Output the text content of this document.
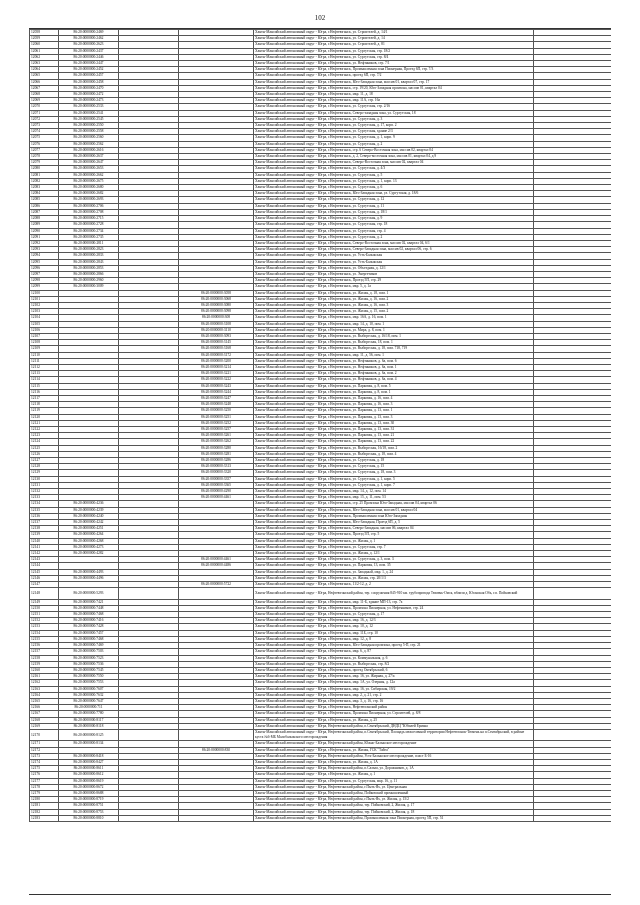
102
12058	86:20:0000000:2469			Ханты-Мансийский автономный округ - Югра, г.Нефтеюганск, ул. Строителей, д. 14/1	
12059	86:20:0000000:2462			Ханты-Мансийский автономный округ - Югра, г.Нефтеюганск, ул. Строителей, д. 14	
12060	86:20:0000000:2623			Ханты-Мансийский автономный округ - Югра, г.Нефтеюганск, ул. Строителей, д. 81	
12061	86:20:0000000:2437			Ханты-Мансийский автономный округ - Югра, г.Нефтеюганск, ул. Сургутская, стр. 18/2	
12062	86:20:0000000:2446			Ханты-Мансийский автономный округ - Югра, г.Нефтеюганск, ул. Сургутская, стр. 8/4	
12063	86:20:0000000:2447			Ханты-Мансийский автономный округ - Югра, г.Нефтеюганск, ул. Нефтяников, стр. 7/1	
12064	86:20:0000000:2452			Ханты-Мансийский автономный округ - Югра, г.Нефтеюганск, Промышленная зона Пионерная, Проезд 6П, стр. 7/3	
12065	86:20:0000000:2457			Ханты-Мансийский автономный округ - Югра, г.Нефтеюганск, проезд 6П, стр. 7/2	
12066	86:20:0000000:2458			Ханты-Мансийский автономный округ - Югра, г.Нефтеюганск, Юго-Западная зона, массив 01, квартал 07, стр. 17	
12067	86:20:0000000:2470			Ханты-Мансийский автономный округ - Югра, г.Нефтеюганск, стр. 19/20, Юго-Западная промзона, массив 01, квартал 04	
12068	86:20:0000000:2472			Ханты-Мансийский автономный округ - Югра, г.Нефтеюганск, мкр. 11, д. 18	
12069	86:20:0000000:2473			Ханты-Мансийский автономный округ - Югра, г.Нефтеюганск, мкр. 11А, стр. 16а	
12070	86:20:0000000:2533			Ханты-Мансийский автономный округ - Югра, г.Нефтеюганск, ул. Сургутская, стр. 2/16	
12071	86:20:0000000:2541			Ханты-Мансийский автономный округ - Югра, г.Нефтеюганск, Северо-западная зона, ул. Сургутская, 18	
12072	86:20:0000000:2545			Ханты-Мансийский автономный округ - Югра, г.Нефтеюганск, ул. Сургутская, д. 3	
12073	86:20:0000000:2550			Ханты-Мансийский автономный округ - Югра, г.Нефтеюганск, ул. Сургутская, д. 17, корп. 2	
12074	86:20:0000000:2558			Ханты-Мансийский автономный округ - Югра, г.Нефтеюганск, ул. Сургутская, здание 2/3	
12075	86:20:0000000:2560			Ханты-Мансийский автономный округ - Югра, г.Нефтеюганск, ул. Сургутская, д. 1, корп. 9	
12076	86:20:0000000:2562			Ханты-Мансийский автономный округ - Югра, г.Нефтеюганск, ул. Сургутская, д. 2	
12077	86:20:0000000:2616			Ханты-Мансийский автономный округ - Югра, г.Нефтеюганск, стр. 6 Северо-Восточная зона, массив 02, квартал 04	
12078	86:20:0000000:2637			Ханты-Мансийский автономный округ - Югра, г.Нефтеюганск, д. 2, Северо-восточная зона, массив 01, квартал 04, д.9	
12079	86:20:0000000:2647			Ханты-Мансийский автономный округ - Югра, г.Нефтеюганск, Северо-Восточная зона, массив 02, квартал 04	
12080	86:20:0000000:2653			Ханты-Мансийский автономный округ - Югра, г.Нефтеюганск, ул. Сургутская, д. 4/3	
12081	86:20:0000000:2662			Ханты-Мансийский автономный округ - Югра, г.Нефтеюганск, ул. Сургутская, д. 5	
12082	86:20:0000000:2675			Ханты-Мансийский автономный округ - Югра, г.Нефтеюганск, ул. Сургутская, д. 1, корп. 13	
12083	86:20:0000000:2680			Ханты-Мансийский автономный округ - Югра, г.Нефтеюганск, ул. Сургутская, д. 6	
12084	86:20:0000000:2682			Ханты-Мансийский автономный округ - Югра, г.Нефтеюганск, Юго-Западная зона, ул. Сургутская, д. 18/6	
12085	86:20:0000000:2693			Ханты-Мансийский автономный округ - Югра, г.Нефтеюганск, ул. Сургутская, д. 12	
12086	86:20:0000000:2706			Ханты-Мансийский автономный округ - Югра, г.Нефтеюганск, ул. Сургутская, д. 11	
12087	86:20:0000000:2708			Ханты-Мансийский автономный округ - Югра, г.Нефтеюганск, ул. Сургутская, д. 18/1	
12088	86:20:0000000:2715			Ханты-Мансийский автономный округ - Югра, г.Нефтеюганск, ул. Сургутская, д. 9	
12089	86:20:0000000:2728			Ханты-Мансийский автономный округ - Югра, г.Нефтеюганск, ул. Сургутская, стр. 18	
12090	86:20:0000000:2734			Ханты-Мансийский автономный округ - Югра, г.Нефтеюганск, ул. Сургутская, стр. 4	
12091	86:20:0000000:2735			Ханты-Мансийский автономный округ - Югра, г.Нефтеюганск, ул. Сургутская, д. 2	
12092	86:20:0000000:2811			Ханты-Мансийский автономный округ - Югра, г.Нефтеюганск, Северо-Восточная зона, массив 02, квартал 04, 6/1	
12093	86:20:0000000:2823			Ханты-Мансийский автономный округ - Югра, г.Нефтеюганск, Северо-Западная зона, массив 02, квартал 06, стр. 6	
12094	86:20:0000000:2833			Ханты-Мансийский автономный округ - Югра, г.Нефтеюганск, ул. Усть-Балыкская	
12095	86:20:0000000:2843			Ханты-Мансийский автономный округ - Югра, г.Нефтеюганск, ул. Усть-Балыкская	
12096	86:20:0000000:2853			Ханты-Мансийский автономный округ - Югра, г.Нефтеюганск, ул. Объездная, д. 12/1	
12097	86:20:0000000:2866			Ханты-Мансийский автономный округ - Югра, г.Нефтеюганск, ул. Энергетиков	
12098	86:20:0000000:2960			Ханты-Мансийский автономный округ - Югра, г.Нефтеюганск, Проезд 5П, стр. 29	
12099	86:20:0000000:3009			Ханты-Мансийский автономный округ - Югра, г.Нефтеюганск, мкр. 5, д. 1а	
12100			86:20:0000000:3058	Ханты-Мансийский автономный округ - Югра, г.Нефтеюганск, ул. Жилая, д. 18, пом. 1	
12101			86:20:0000000:3068	Ханты-Мансийский автономный округ - Югра, г.Нефтеюганск, ул. Жилая, д. 16, пом. 2	
12102			86:20:0000000:3080	Ханты-Мансийский автономный округ - Югра, г.Нефтеюганск, ул. Жилая, д. 16, пом. 3	
12103			86:20:0000000:3098	Ханты-Мансийский автономный округ - Югра, г.Нефтеюганск, ул. Жилая, д. 15, пом. 2	
12104			86:20:0000000:308	Ханты-Мансийский автономный округ - Югра, г.Нефтеюганск, мкр. 16А, д. 16, пом. 1	
12105			86:20:0000000:3108	Ханты-Мансийский автономный округ - Югра, г.Нефтеюганск, мкр. 14, д. 10, пом. 1	
12106			86:20:0000000:3110	Ханты-Мансийский автономный округ - Югра, г.Нефтеюганск, ул. Мира, д. 8, пом. 1	
12107			86:20:0000000:3093	Ханты-Мансийский автономный округ - Югра, г.Нефтеюганск, ул. Выборгская, д. 16/18, пом. 1	
12108			86:20:0000000:3145	Ханты-Мансийский автономный округ - Югра, г.Нефтеюганск, ул. Выборгская, 18, пом. 1	
12109			86:20:0000000:3168	Ханты-Мансийский автономный округ - Югра, г.Нефтеюганск, ул. Выборгская, д. 18, пом. 718, 719	
12110			86:20:0000000:3172	Ханты-Мансийский автономный округ - Югра, г.Нефтеюганск, мкр. 11, д. 56, пом. 1	
12111			86:20:0000000:3200	Ханты-Мансийский автономный округ - Югра, г.Нефтеюганск, ул. Нефтяников, д. 6а, пом. 6	
12112			86:20:0000000:3214	Ханты-Мансийский автономный округ - Югра, г.Нефтеюганск, ул. Нефтяников, д. 6а, пом. 1	
12113			86:20:0000000:3221	Ханты-Мансийский автономный округ - Югра, г.Нефтеюганск, ул. Нефтяников, д. 6а, пом. 2	
12114			86:20:0000000:3222	Ханты-Мансийский автономный округ - Югра, г.Нефтеюганск, ул. Нефтяников, д. 6а, пом. 4	
12115			86:20:0000000:3243	Ханты-Мансийский автономный округ - Югра, г.Нефтеюганск, ул. Парковая, д. 8, пом. 5	
12116			86:20:0000000:3244	Ханты-Мансийский автономный округ - Югра, г.Нефтеюганск, ул. Парковая, д. 8, пом. 1	
12117			86:20:0000000:3247	Ханты-Мансийский автономный округ - Югра, г.Нефтеюганск, ул. Парковая, д. 16, пом. 4	
12118			86:20:0000000:3248	Ханты-Мансийский автономный округ - Югра, г.Нефтеюганск, ул. Парковая, д. 16, пом. 3	
12119			86:20:0000000:3250	Ханты-Мансийский автономный округ - Югра, г.Нефтеюганск, ул. Парковая, д. 13, пом. 1	
12120			86:20:0000000:3251	Ханты-Мансийский автономный округ - Югра, г.Нефтеюганск, ул. Парковая, д. 13, пом. 3	
12121			86:20:0000000:3252	Ханты-Мансийский автономный округ - Югра, г.Нефтеюганск, ул. Парковая, д. 13, пом. 30	
12122			86:20:0000000:3257	Ханты-Мансийский автономный округ - Югра, г.Нефтеюганск, ул. Парковая, д. 13, пом. 31	
12123			86:20:0000000:3261	Ханты-Мансийский автономный округ - Югра, г.Нефтеюганск, ул. Парковая, д. 13, пом. 21	
12124			86:20:0000000:3262	Ханты-Мансийский автономный округ - Югра, г.Нефтеюганск, ул. Парковая, д. 13, пом. 22	
12125			86:20:0000000:3280	Ханты-Мансийский автономный округ - Югра, г.Нефтеюганск, ул. Выборгская, 16/18, пом. 2	
12126			86:20:0000000:3281	Ханты-Мансийский автономный округ - Югра, г.Нефтеюганск, ул. Выборгская, д. 18, пом. 4	
12127			86:20:0000000:3286	Ханты-Мансийский автономный округ - Югра, г.Нефтеюганск, ул. Сургутская, д. 18	
12128			86:20:0000000:3313	Ханты-Мансийский автономный округ - Югра, г.Нефтеюганск, ул. Сургутская, д. 15	
12129			86:20:0000000:3320	Ханты-Мансийский автономный округ - Югра, г.Нефтеюганск, ул. Сургутская, д. 18, пом. 3	
12130			86:20:0000000:3357	Ханты-Мансийский автономный округ - Югра, г.Нефтеюганск, ул. Сургутская, д. 1, корп. 5	
12131			86:20:0000000:3365	Ханты-Мансийский автономный округ - Югра, г.Нефтеюганск, ул. Сургутская, д. 1, корп. 7	
12132			86:20:0000000:4290	Ханты-Мансийский автономный округ - Югра, г.Нефтеюганск, мкр. 14, д. 12, пом. 14	
12133			86:20:0000000:4461	Ханты-Мансийский автономный округ - Югра, г.Нефтеюганск, мкр. 15, д. 11, пом. 53	
12134	86:20:0000000:4236			Ханты-Мансийский автономный округ - Югра, г.Нефтеюганск, стр. 25 Промзона Юго-Западная, массив 04, квартал 06	
12135	86:20:0000000:4239			Ханты-Мансийский автономный округ - Югра, г.Нефтеюганск, Юго-Западная зона, массив 01, квартал 04	
12136	86:20:0000000:4240			Ханты-Мансийский автономный округ - Югра, г.Нефтеюганск, Промышленная зона Юго-Западная	
12137	86:20:0000000:4242			Ханты-Мансийский автономный округ - Югра, г.Нефтеюганск, Юго-Западная, Проезд 6П, д. 5	
12138	86:20:0000000:4251			Ханты-Мансийский автономный округ - Югра, г.Нефтеюганск, Северо-Западная, массив 06, квартал 04	
12139	86:20:0000000:4264			Ханты-Мансийский автономный округ - Югра, г.Нефтеюганск, Проезд 5П, стр. 5	
12140	86:20:0000000:4268			Ханты-Мансийский автономный округ - Югра, г.Нефтеюганск, ул. Жилая, д. 1	
12141	86:20:0000000:4273			Ханты-Мансийский автономный округ - Югра, г.Нефтеюганск, ул. Сургутская, стр. 7	
12142	86:20:0000000:4282			Ханты-Мансийский автономный округ - Югра, г.Нефтеюганск, ул. Жилая, д. 12/1	
12143			86:20:0000000:4461	Ханты-Мансийский автономный округ - Югра, г.Нефтеюганск, ул. Сургутская, д. 3, пом. 3	
12144			86:20:0000000:4486	Ханты-Мансийский автономный округ - Югра, г.Нефтеюганск, ул. Парковая, 13, пом. 35	
12145	86:20:0000000:4493			Ханты-Мансийский автономный округ - Югра, г.Нефтеюганск, ул. Западный, мкр. 1, д. 24	
12146	86:20:0000000:4496			Ханты-Мансийский автономный округ - Югра, г.Нефтеюганск, ул. Жилая, стр. 20/1/3	
12147			86:20:0000000:5722	Ханты-Мансийский автономный округ - Югра, г.Нефтеюганск, 11/2-12, д. 2	
12148	86:20:0000000:5293			Ханты-Мансийский автономный округ - Югра, Нефтеюганский район, тер. сооружения 845-910 км. трубопровода Тюмень-Омск, вблизи д. Юганская Обь, г.п. Пойковский	
12149	86:20:0000000:7421			Ханты-Мансийский автономный округ - Югра, г.Нефтеюганск, мкр. 11-Б, здание МП-13, стр. 7а	
12150	86:20:0000000:7448			Ханты-Мансийский автономный округ - Югра, г.Нефтеюганск, Промзона Пионерная, ул. Нефтяников, стр. 24	
12151	86:20:0000000:7468			Ханты-Мансийский автономный округ - Югра, г.Нефтеюганск, ул. Сургутская, д. 17	
12152	86:20:0000000:7416			Ханты-Мансийский автономный округ - Югра, г.Нефтеюганск, мкр. 16, д. 12/3	
12153	86:20:0000000:7428			Ханты-Мансийский автономный округ - Югра, г.Нефтеюганск, мкр. 10, д. 12	
12154	86:20:0000000:7457			Ханты-Мансийский автономный округ - Югра, г.Нефтеюганск, мкр. 11Б, стр. 10	
12155	86:20:0000000:7468			Ханты-Мансийский автономный округ - Югра, г.Нефтеюганск, мкр. 12, д. 8	
12156	86:20:0000000:7469			Ханты-Мансийский автономный округ - Югра, г.Нефтеюганск, Юго-Западная промзона, проезд 5-П, стр. 21	
12157	86:20:0000000:7503			Ханты-Мансийский автономный округ - Югра, г.Нефтеюганск, мкр. 6, д. 87	
12158	86:20:0000000:7523			Ханты-Мансийский автономный округ - Югра, г.Нефтеюганск, ул. Коммунальная, д. 6	
12159	86:20:0000000:7536			Ханты-Мансийский автономный округ - Югра, г.Нефтеюганск, ул. Выборгская, стр. 8/2	
12160	86:20:0000000:7545			Ханты-Мансийский автономный округ - Югра, г.Нефтеюганск, проезд Октябрьский, 6	
12161	86:20:0000000:7550			Ханты-Мансийский автономный округ - Югра, г.Нефтеюганск, мкр. 16, ул. Жирная, д. 27/а	
12162	86:20:0000000:7553			Ханты-Мансийский автономный округ - Югра, г.Нефтеюганск, мкр. 1А, ул. Озерная, д. 12а	
12163	86:20:0000000:7607			Ханты-Мансийский автономный округ - Югра, г.Нефтеюганск, мкр. 16, ул. Сибирская, 19/2	
12164	86:20:0000000:7632			Ханты-Мансийский автономный округ - Югра, г.Нефтеюганск, мкр. 2, д. 21, стр. 2	
12165	86:20:0000000:7647			Ханты-Мансийский автономный округ - Югра, г.Нефтеюганск, мкр. 3, д. 16, стр. 16	
12166	86:20:0000000:711			Ханты-Мансийский автономный округ - Югра, г.Нефтеюганск, Нефтеюганский район	
12167	86:20:0000000:7780			Ханты-Мансийский автономный округ - Югра, г.Нефтеюганск, Промзона Пионерная, ул. Строителей, д. 8/8	
12168	86:20:0000000:8117			Ханты-Мансийский автономный округ - Югра, г.Нефтеюганск, ул. Жилая, д. 25	
12169	86:20:0000000:8118			Ханты-Мансийский автономный округ - Югра, Нефтеюганский район, п.Сентябрьский, ДНДЦ "Юбилей Ермака	
12170	86:20:0000000:8125			Ханты-Мансийский автономный округ - Югра, Нефтеюганский район, п.Сентябрьский, Площадь межселенной территории Нефтеюганск-Тюмень на п.Сентябрьский, в районе куста №6-МБ Малобалыкского месторождения	
12171	86:20:0000000:8134			Ханты-Мансийский автономный округ - Югра, Нефтеюганский район, Южно-Балыкское месторождение	
12172			86:20:0000000:830	Ханты-Мансийский автономный округ - Югра, г.Нефтеюганск, ул. Жилая, ГСК "Тайга"	
12173	86:20:0000000:8418			Ханты-Мансийский автономный округ - Югра, Нефтеюганский район, Усть-Балыкское месторождение, пласт Б-16	
12174	86:20:0000000:8427			Ханты-Мансийский автономный округ - Югра, г.Нефтеюганск, ул. Жилая, д. 1А	
12175	86:20:0000000:8611			Ханты-Мансийский автономный округ - Югра, Нефтеюганский район, п.Салым, ул. Дорожников, д. 1А	
12176	86:20:0000000:8612			Ханты-Мансийский автономный округ - Югра, г.Нефтеюганск, ул. Жилая, д. 1	
12177	86:20:0000000:8619			Ханты-Мансийский автономный округ - Югра, г.Нефтеюганск, ул. Сургутская, мкр. 16, д. 11	
12178	86:20:0000000:8672			Ханты-Мансийский автономный округ - Югра, Нефтеюганский район, г.Пыть-Ях, ул. Центральная	
12179	86:20:0000000:8688			Ханты-Мансийский автономный округ - Югра, Нефтеюганский район, Пойковский промышленный	
12180	86:20:0000000:8719			Ханты-Мансийский автономный округ - Югра, Нефтеюганский район, г.Пыть-Ях, ул. Жилая, д. 15/2	
12181	86:20:0000000:8751			Ханты-Мансийский автономный округ - Югра, Нефтеюганский район, тер. Пойковский, 2, Жилая, д. 17	
12182	86:20:0000000:8753			Ханты-Мансийский автономный округ - Югра, Нефтеюганский район, тер. Пойковский, 2, Жилая, д. 18	
12183	86:20:0000000:8810			Ханты-Мансийский автономный округ - Югра, Нефтеюганский район, Промышленная зона Пионерная, проезд 5П, стр. 51	
